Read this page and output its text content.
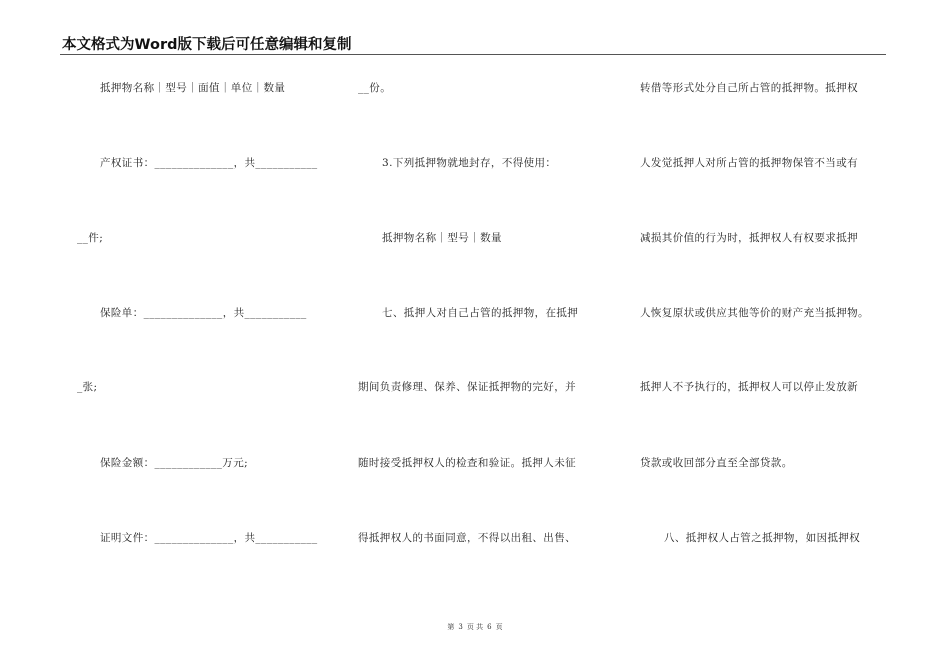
本文格式为Word版下载后可任意编辑和复制
抵押物名称｜型号｜面值｜单位｜数量
产权证书：______________，共___________
__件;
保险单：______________，共___________
_张;
保险金额：____________万元;
证明文件：______________，共___________
__份。
3.下列抵押物就地封存，不得使用：
抵押物名称｜型号｜数量
七、抵押人对自己占管的抵押物，在抵押
期间负责修理、保养、保证抵押物的完好，并
随时接受抵押权人的检查和验证。抵押人未征
得抵押权人的书面同意，不得以出租、出售、
转借等形式处分自己所占管的抵押物。抵押权
人发觉抵押人对所占管的抵押物保管不当或有
减损其价值的行为时，抵押权人有权要求抵押
人恢复原状或供应其他等价的财产充当抵押物。
抵押人不予执行的，抵押权人可以停止发放新
贷款或收回部分直至全部贷款。
八、抵押权人占管之抵押物，如因抵押权
第 3 页 共 6 页
